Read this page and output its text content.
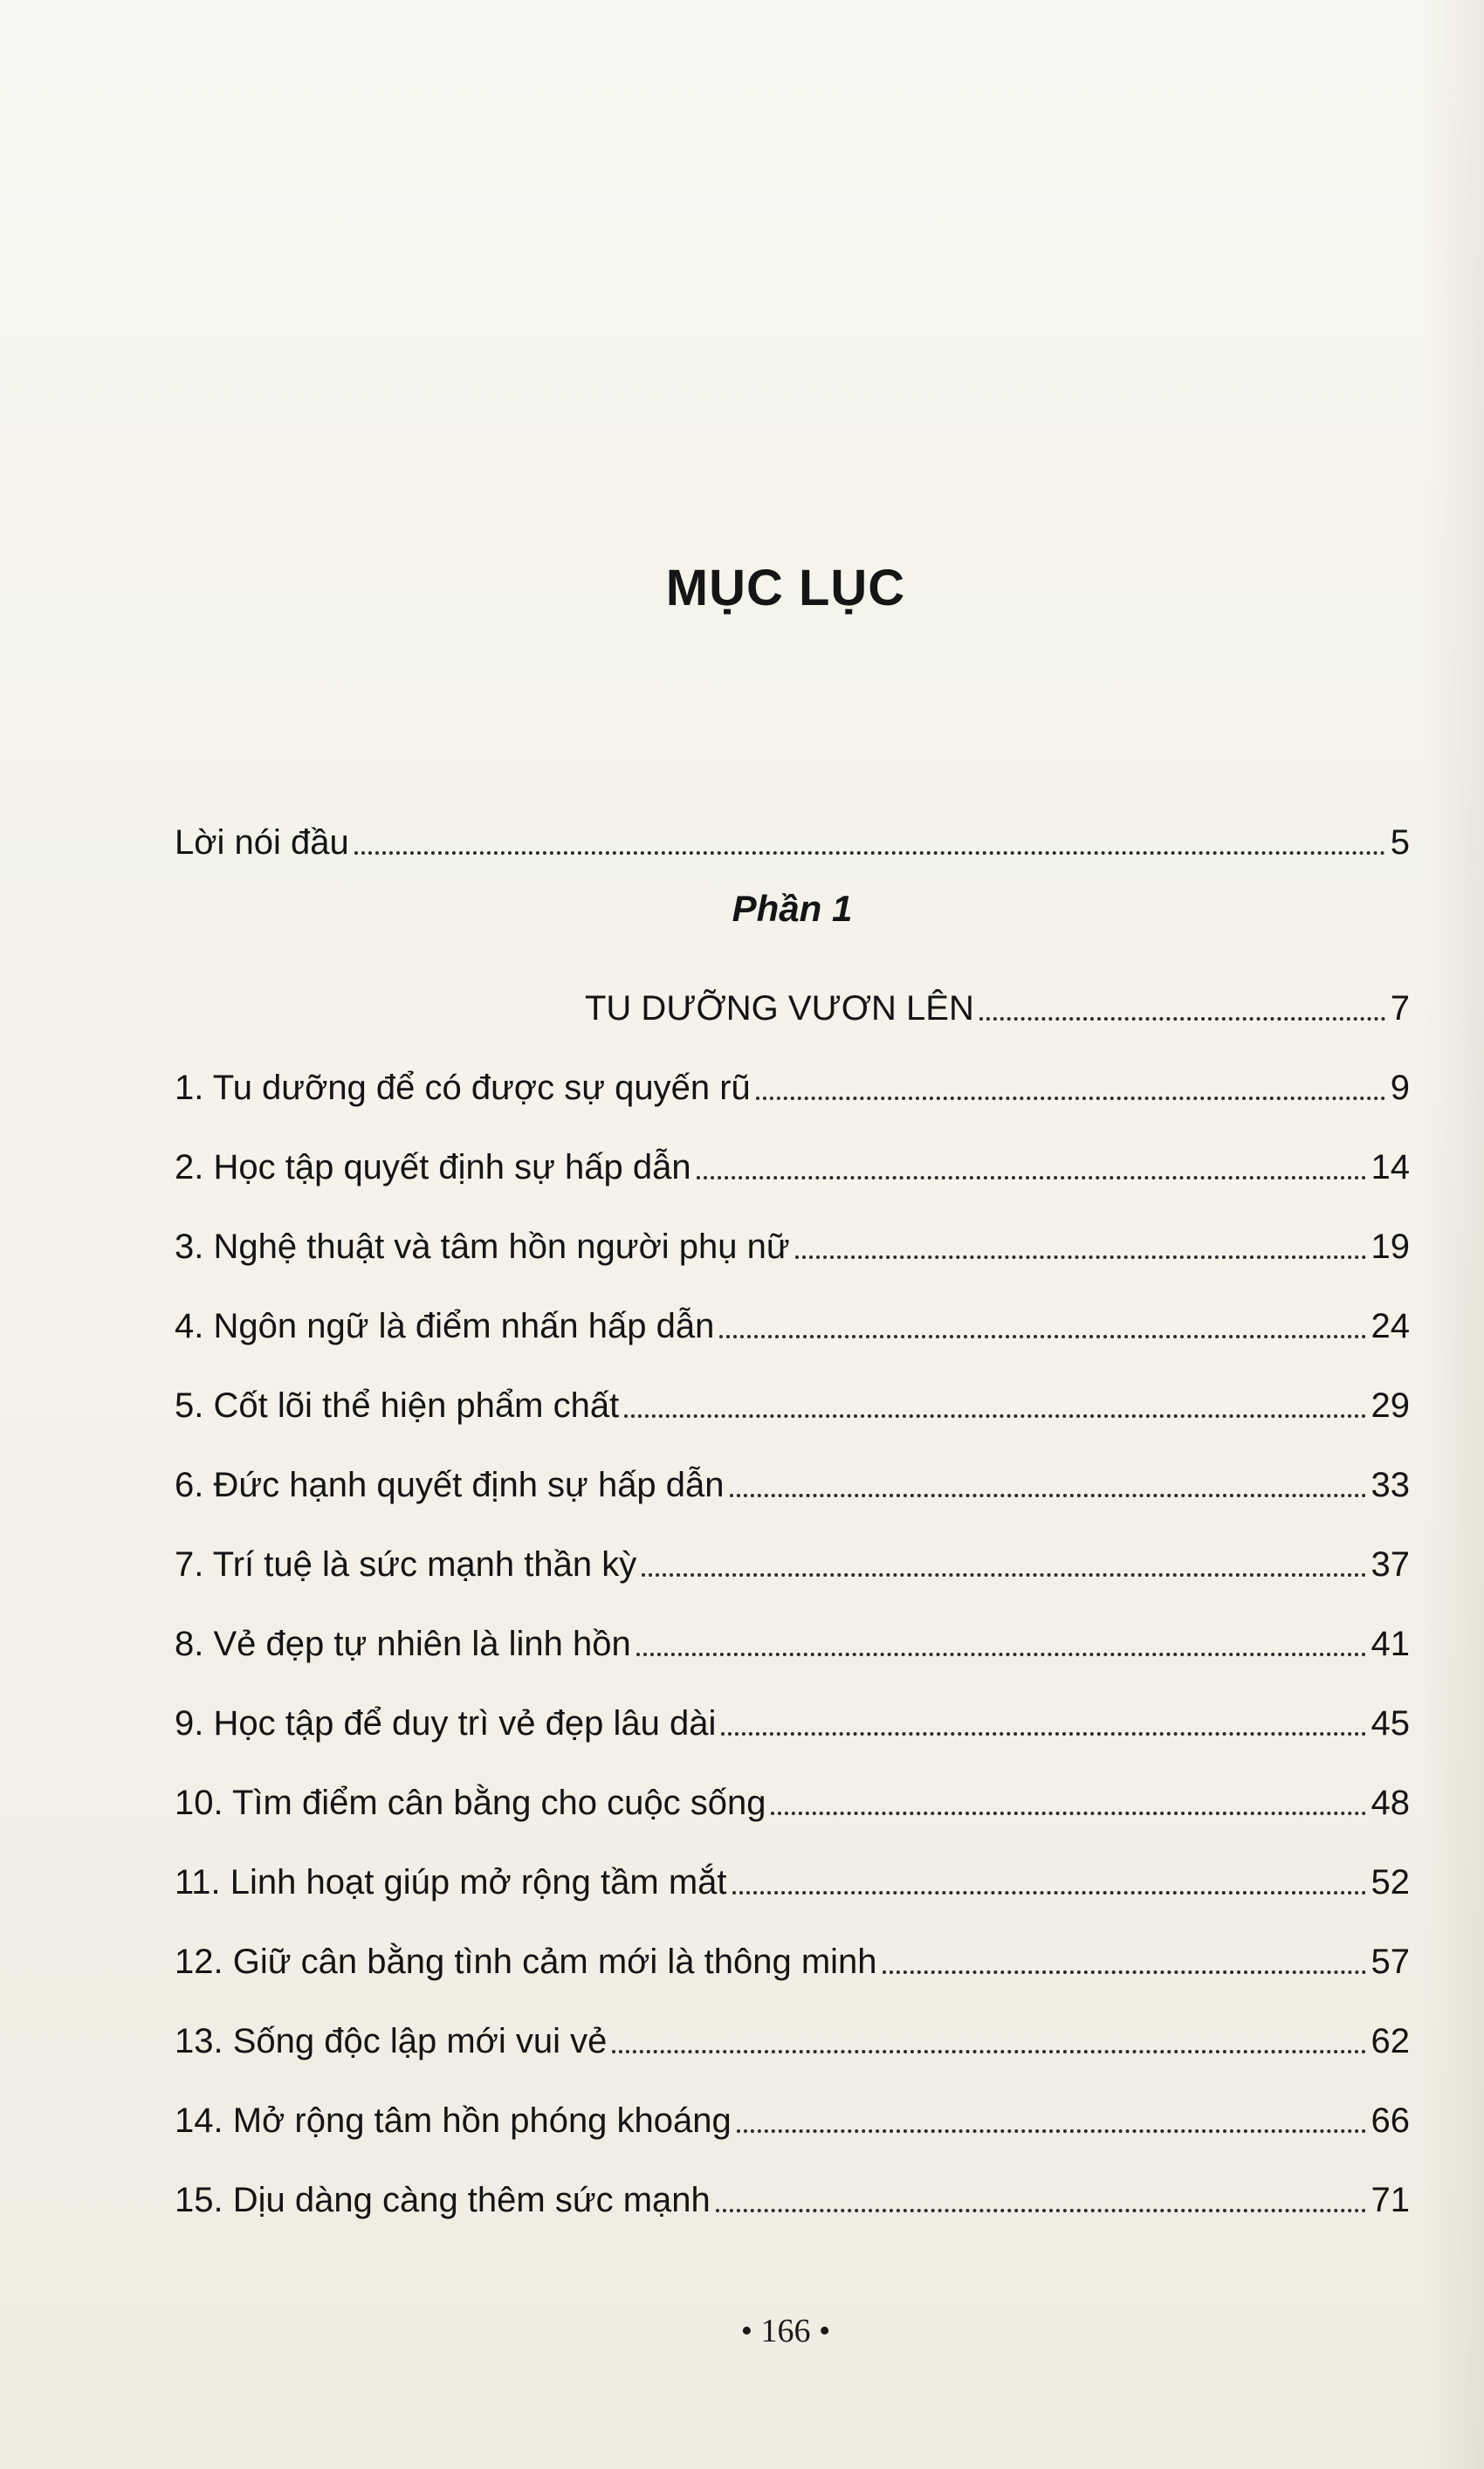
MỤC LỤC
Lời nói đầu	5
Phần 1
TU DƯỠNG VƯƠN LÊN	7
1. Tu dưỡng để có được sự quyến rũ	9
2. Học tập quyết định sự hấp dẫn	14
3. Nghệ thuật và tâm hồn người phụ nữ	19
4. Ngôn ngữ là điểm nhấn hấp dẫn	24
5. Cốt lõi thể hiện phẩm chất	29
6. Đức hạnh quyết định sự hấp dẫn	33
7. Trí tuệ là sức mạnh thần kỳ	37
8. Vẻ đẹp tự nhiên là linh hồn	41
9. Học tập để duy trì vẻ đẹp lâu dài	45
10. Tìm điểm cân bằng cho cuộc sống	48
11. Linh hoạt giúp mở rộng tầm mắt	52
12. Giữ cân bằng tình cảm mới là thông minh	57
13. Sống độc lập mới vui vẻ	62
14. Mở rộng tâm hồn phóng khoáng	66
15. Dịu dàng càng thêm sức mạnh	71
• 166 •
